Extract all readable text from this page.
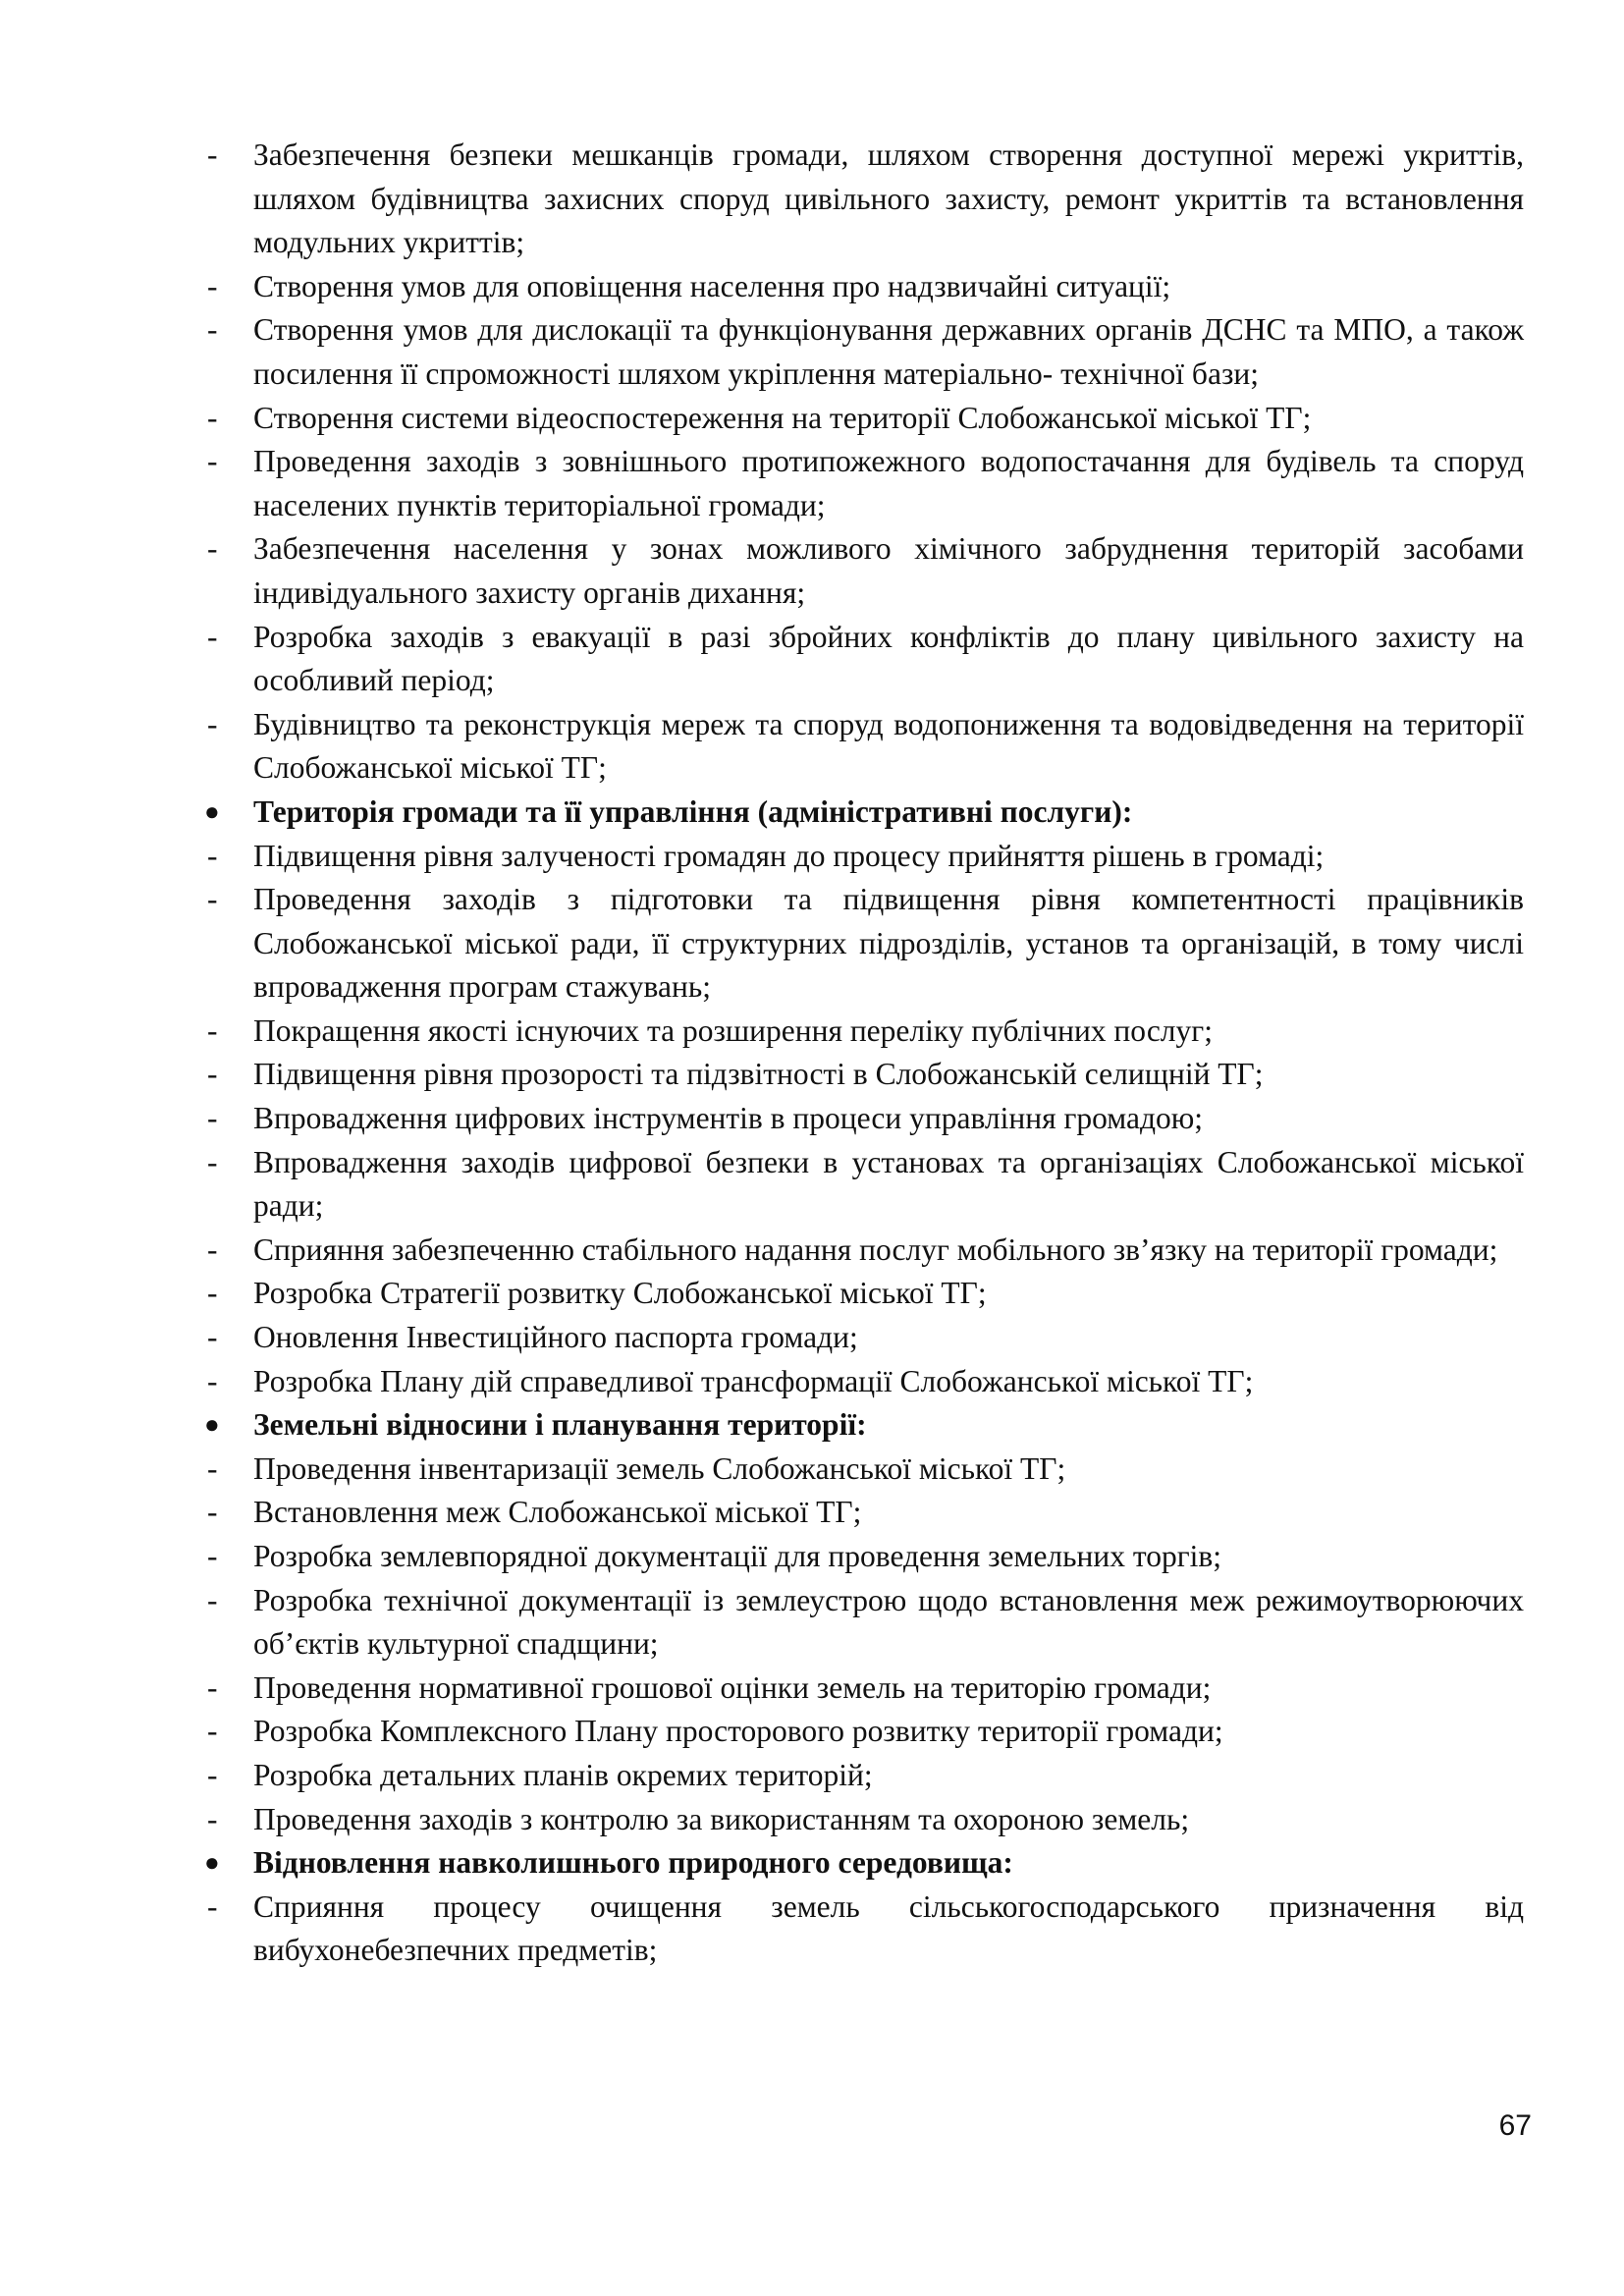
-	Забезпечення безпеки мешканців громади, шляхом створення доступної мережі укриттів, шляхом будівництва захисних споруд цивільного захисту, ремонт укриттів та встановлення модульних укриттів;
-	Створення умов для оповіщення населення про надзвичайні ситуації;
-	Створення умов для дислокації та функціонування державних органів ДСНС та МПО, а також посилення її спроможності шляхом укріплення матеріально- технічної бази;
-	Створення системи відеоспостереження на території Слобожанської міської ТГ;
-	Проведення заходів з зовнішнього протипожежного водопостачання для будівель та споруд населених пунктів територіальної громади;
-	Забезпечення населення у зонах можливого хімічного забруднення територій засобами індивідуального захисту органів дихання;
-	Розробка заходів з евакуації в разі збройних конфліктів до плану цивільного захисту на особливий період;
-	Будівництво та реконструкція мереж та споруд водопониження та водовідведення на території Слобожанської міської ТГ;
●	Територія громади та її управління (адміністративні послуги):
-	Підвищення рівня залученості громадян до процесу прийняття рішень в громаді;
-	Проведення заходів з підготовки та підвищення рівня компетентності працівників Слобожанської міської ради, її структурних підрозділів, установ та організацій, в тому числі впровадження програм стажувань;
-	Покращення якості існуючих та розширення переліку публічних послуг;
-	Підвищення рівня прозорості та підзвітності в Слобожанській селищній ТГ;
-	Впровадження цифрових інструментів в процеси управління громадою;
-	Впровадження заходів цифрової безпеки в установах та організаціях Слобожанської міської ради;
-	Сприяння забезпеченню стабільного надання послуг мобільного зв’язку на території громади;
-	Розробка Стратегії розвитку Слобожанської міської ТГ;
-	Оновлення Інвестиційного паспорта громади;
-	Розробка Плану дій справедливої трансформації Слобожанської міської ТГ;
●	Земельні відносини і планування території:
-	Проведення інвентаризації земель Слобожанської міської ТГ;
-	Встановлення меж Слобожанської міської ТГ;
-	Розробка землевпорядної документації для проведення земельних торгів;
-	Розробка технічної документації із землеустрою щодо встановлення меж режимоутворюючих об’єктів культурної спадщини;
-	Проведення нормативної грошової оцінки земель на територію громади;
-	Розробка Комплексного Плану просторового розвитку території громади;
-	Розробка детальних планів окремих територій;
-	Проведення заходів з контролю за використанням та охороною земель;
●	Відновлення навколишнього природного середовища:
-	Сприяння процесу очищення земель сільськогосподарського призначення від вибухонебезпечних предметів;
67
